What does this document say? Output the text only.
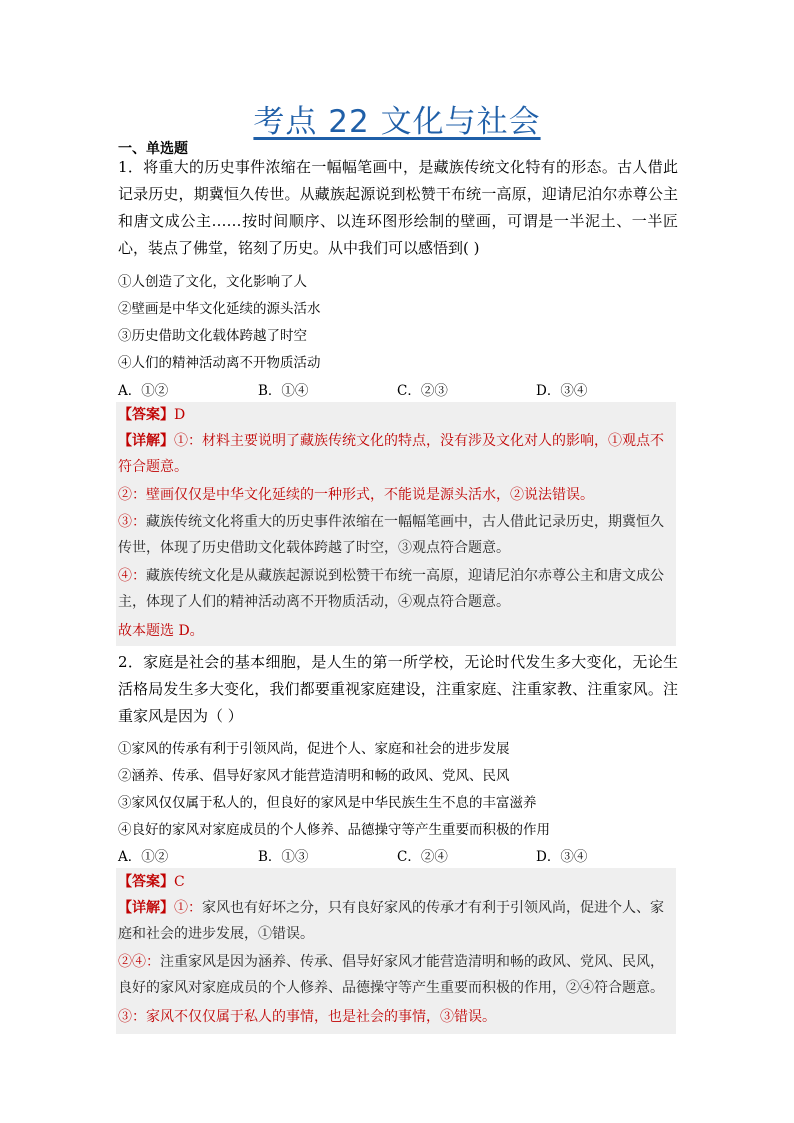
考点 22 文化与社会
一、单选题
1．将重大的历史事件浓缩在一幅幅笔画中，是藏族传统文化特有的形态。古人借此记录历史，期冀恒久传世。从藏族起源说到松赞干布统一高原，迎请尼泊尔赤尊公主和唐文成公主……按时间顺序、以连环图形绘制的壁画，可谓是一半泥土、一半匠心，装点了佛堂，铭刻了历史。从中我们可以感悟到( )
①人创造了文化，文化影响了人
②壁画是中华文化延续的源头活水
③历史借助文化载体跨越了时空
④人们的精神活动离不开物质活动
A．①②	B．①④	C．②③	D．③④
【答案】D
【详解】①：材料主要说明了藏族传统文化的特点，没有涉及文化对人的影响，①观点不符合题意。
②：壁画仅仅是中华文化延续的一种形式，不能说是源头活水，②说法错误。
③：藏族传统文化将重大的历史事件浓缩在一幅幅笔画中，古人借此记录历史，期冀恒久传世，体现了历史借助文化载体跨越了时空，③观点符合题意。
④：藏族传统文化是从藏族起源说到松赞干布统一高原，迎请尼泊尔赤尊公主和唐文成公主，体现了人们的精神活动离不开物质活动，④观点符合题意。
故本题选 D。
2．家庭是社会的基本细胞，是人生的第一所学校，无论时代发生多大变化，无论生活格局发生多大变化，我们都要重视家庭建设，注重家庭、注重家教、注重家风。注重家风是因为（ ）
①家风的传承有利于引领风尚，促进个人、家庭和社会的进步发展
②涵养、传承、倡导好家风才能营造清明和畅的政风、党风、民风
③家风仅仅属于私人的，但良好的家风是中华民族生生不息的丰富滋养
④良好的家风对家庭成员的个人修养、品德操守等产生重要而积极的作用
A．①②	B．①③	C．②④	D．③④
【答案】C
【详解】①：家风也有好坏之分，只有良好家风的传承才有利于引领风尚，促进个人、家庭和社会的进步发展，①错误。
②④：注重家风是因为涵养、传承、倡导好家风才能营造清明和畅的政风、党风、民风，良好的家风对家庭成员的个人修养、品德操守等产生重要而积极的作用，②④符合题意。
③：家风不仅仅属于私人的事情，也是社会的事情，③错误。
